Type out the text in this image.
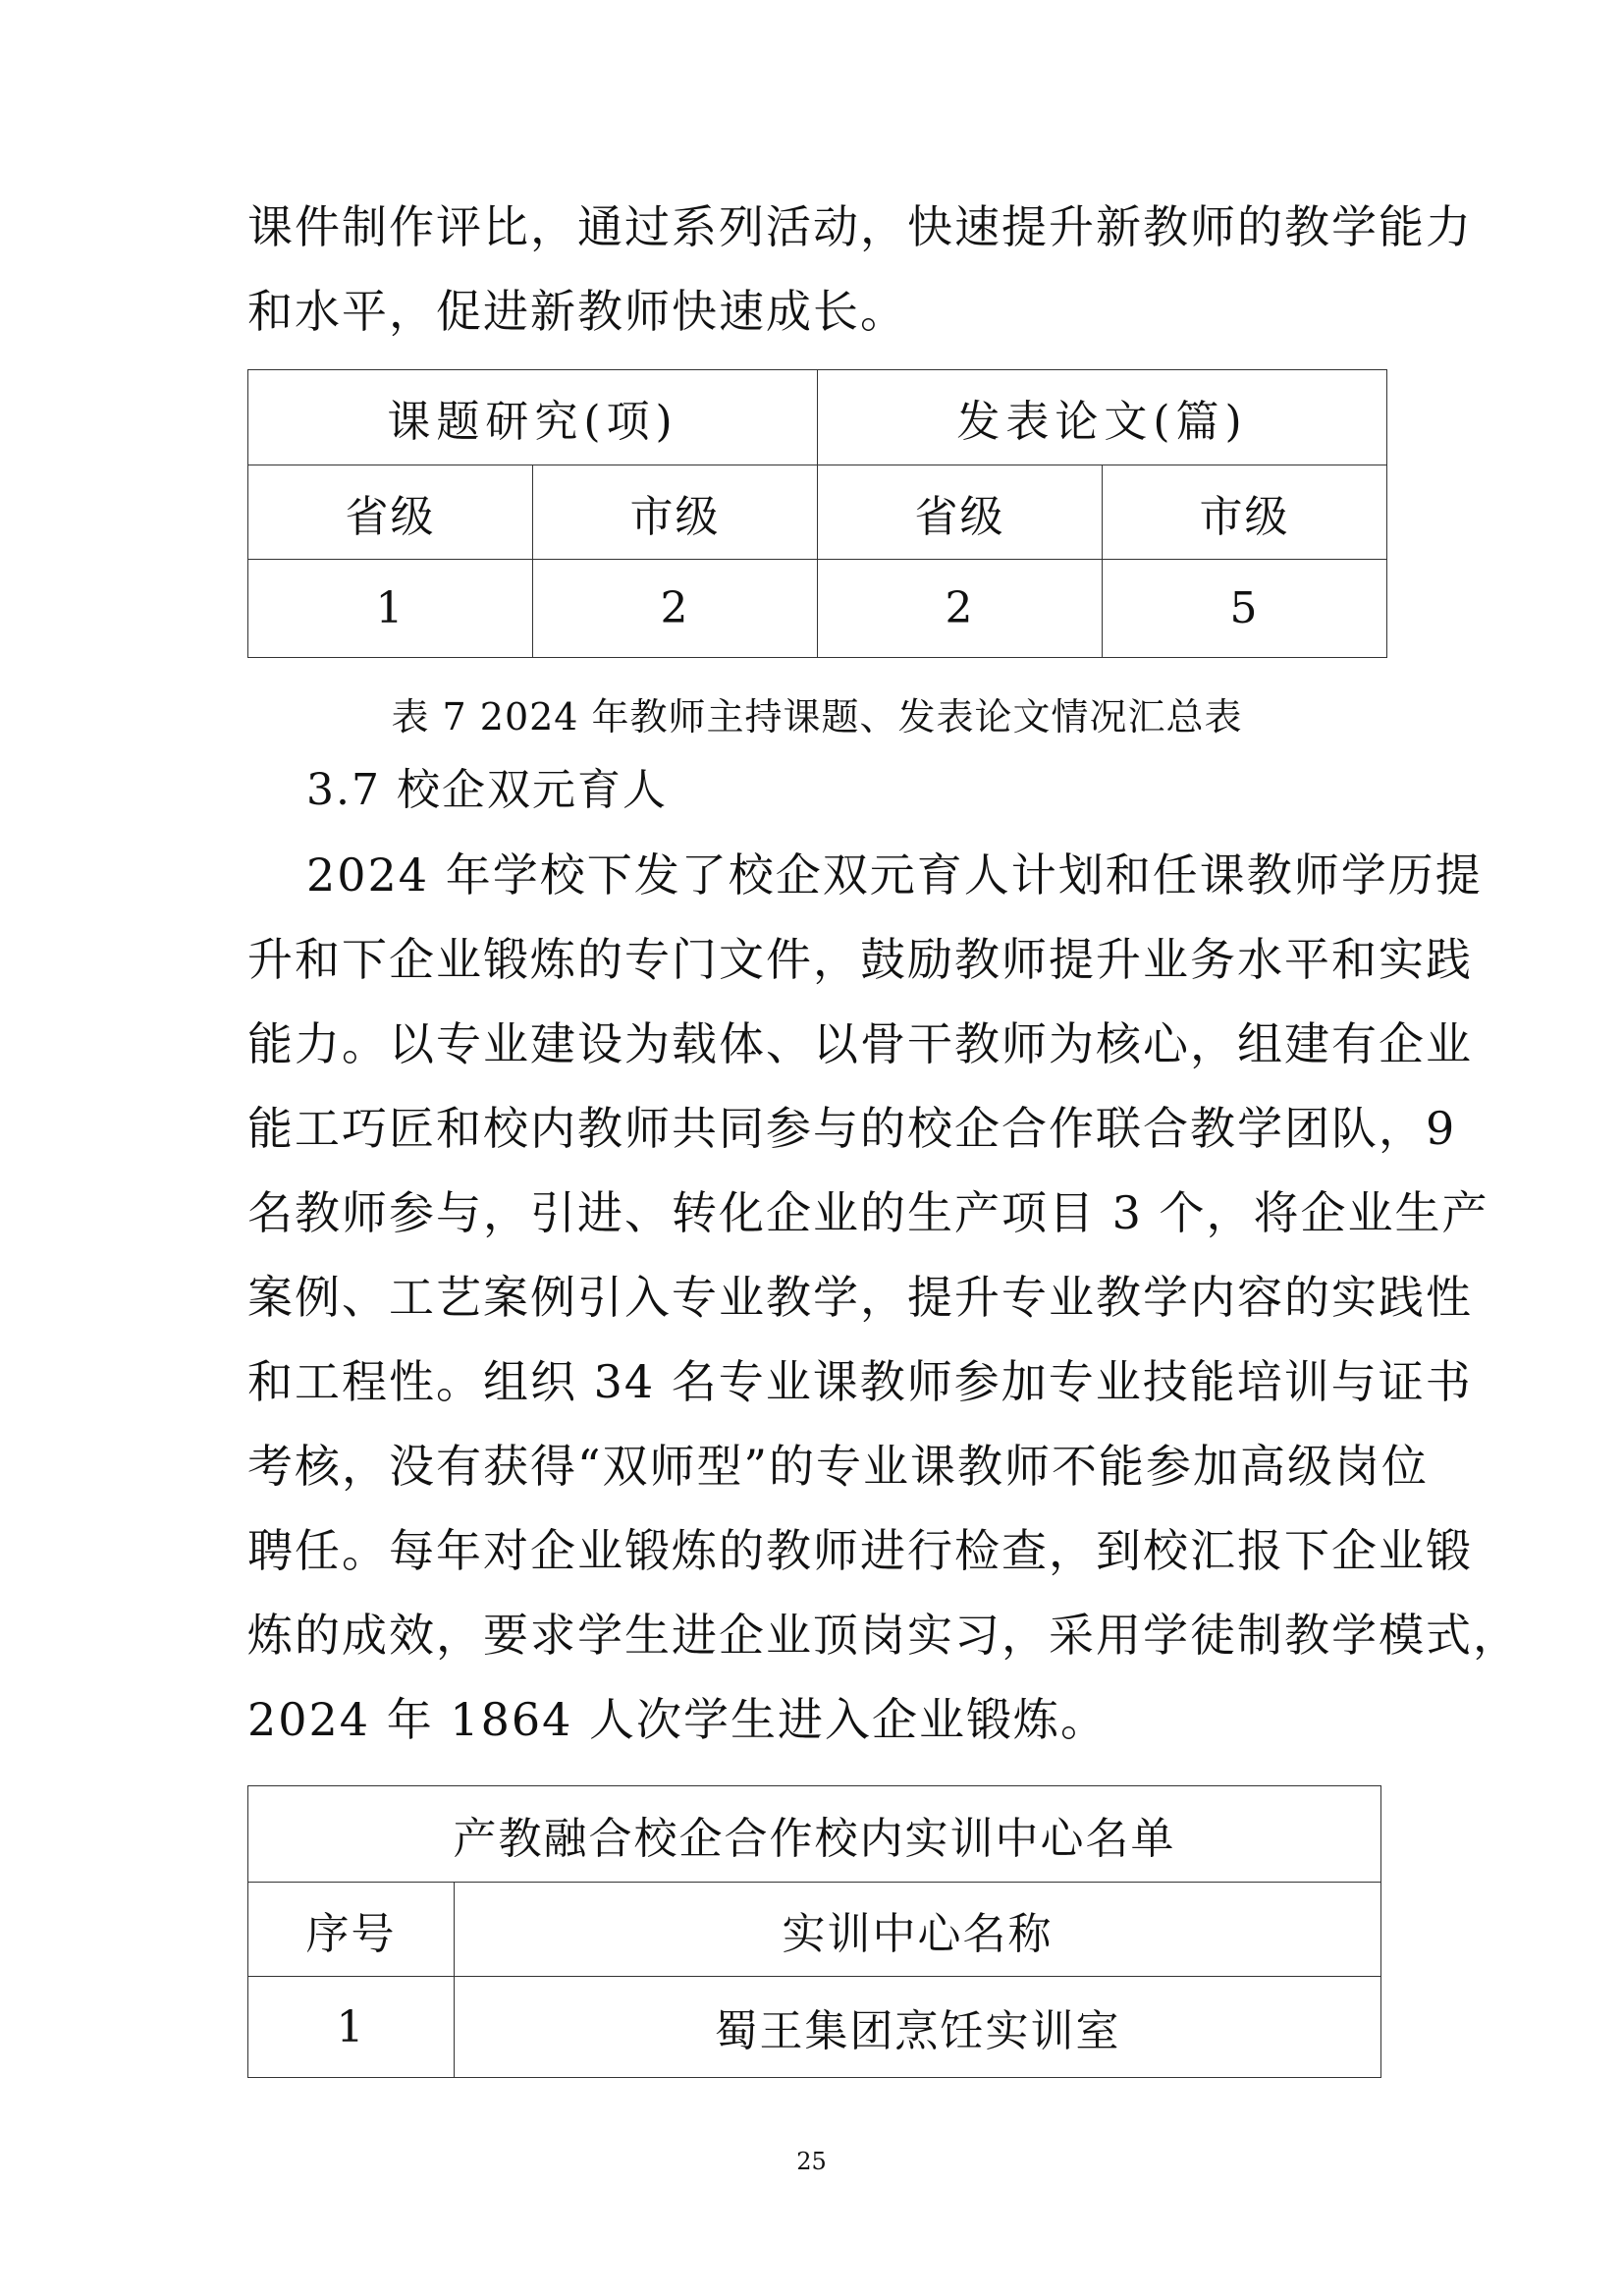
课件制作评比，通过系列活动，快速提升新教师的教学能力
和水平，促进新教师快速成长。
课题研究(项)		发表论文(篇)	
省级	市级	省级	市级
1	2	2	5
表 7 2024 年教师主持课题、发表论文情况汇总表
3.7 校企双元育人
2024 年学校下发了校企双元育人计划和任课教师学历提
升和下企业锻炼的专门文件，鼓励教师提升业务水平和实践
能力。以专业建设为载体、以骨干教师为核心，组建有企业
能工巧匠和校内教师共同参与的校企合作联合教学团队，9
名教师参与，引进、转化企业的生产项目 3 个，将企业生产
案例、工艺案例引入专业教学，提升专业教学内容的实践性
和工程性。组织 34 名专业课教师参加专业技能培训与证书
考核，没有获得“双师型”的专业课教师不能参加高级岗位
聘任。每年对企业锻炼的教师进行检查，到校汇报下企业锻
炼的成效，要求学生进企业顶岗实习，采用学徒制教学模式，
2024 年 1864 人次学生进入企业锻炼。
产教融合校企合作校内实训中心名单	
序号	实训中心名称
1	蜀王集团烹饪实训室
25
